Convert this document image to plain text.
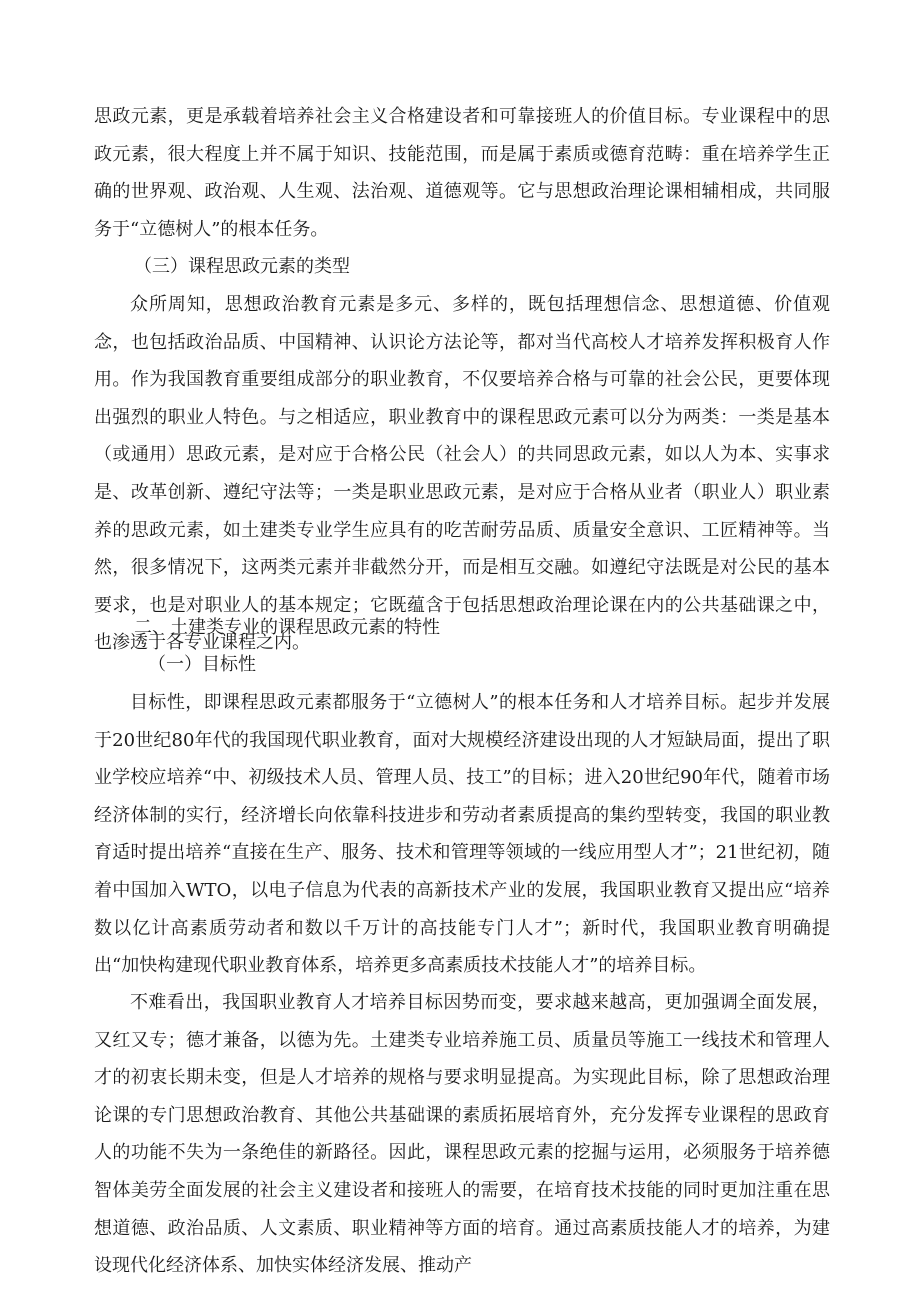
思政元素，更是承载着培养社会主义合格建设者和可靠接班人的价值目标。专业课程中的思政元素，很大程度上并不属于知识、技能范围，而是属于素质或德育范畴：重在培养学生正确的世界观、政治观、人生观、法治观、道德观等。它与思想政治理论课相辅相成，共同服务于“立德树人”的根本任务。

（三）课程思政元素的类型

众所周知，思想政治教育元素是多元、多样的，既包括理想信念、思想道德、价值观念，也包括政治品质、中国精神、认识论方法论等，都对当代高校人才培养发挥积极育人作用。作为我国教育重要组成部分的职业教育，不仅要培养合格与可靠的社会公民，更要体现出强烈的职业人特色。与之相适应，职业教育中的课程思政元素可以分为两类：一类是基本（或通用）思政元素，是对应于合格公民（社会人）的共同思政元素，如以人为本、实事求是、改革创新、遵纪守法等；一类是职业思政元素，是对应于合格从业者（职业人）职业素养的思政元素，如土建类专业学生应具有的吃苦耐劳品质、质量安全意识、工匠精神等。当然，很多情况下，这两类元素并非截然分开，而是相互交融。如遵纪守法既是对公民的基本要求，也是对职业人的基本规定；它既蕴含于包括思想政治理论课在内的公共基础课之中，也渗透于各专业课程之内。

二、土建类专业的课程思政元素的特性
（一）目标性

目标性，即课程思政元素都服务于“立德树人”的根本任务和人才培养目标。起步并发展于20世纪80年代的我国现代职业教育，面对大规模经济建设出现的人才短缺局面，提出了职业学校应培养“中、初级技术人员、管理人员、技工”的目标；进入20世纪90年代，随着市场经济体制的实行，经济增长向依靠科技进步和劳动者素质提高的集约型转变，我国的职业教育适时提出培养“直接在生产、服务、技术和管理等领域的一线应用型人才”；21世纪初，随着中国加入WTO，以电子信息为代表的高新技术产业的发展，我国职业教育又提出应“培养数以亿计高素质劳动者和数以千万计的高技能专门人才”；新时代，我国职业教育明确提出“加快构建现代职业教育体系，培养更多高素质技术技能人才”的培养目标。

不难看出，我国职业教育人才培养目标因势而变，要求越来越高，更加强调全面发展，又红又专；德才兼备，以德为先。土建类专业培养施工员、质量员等施工一线技术和管理人才的初衷长期未变，但是人才培养的规格与要求明显提高。为实现此目标，除了思想政治理论课的专门思想政治教育、其他公共基础课的素质拓展培育外，充分发挥专业课程的思政育人的功能不失为一条绝佳的新路径。因此，课程思政元素的挖掘与运用，必须服务于培养德智体美劳全面发展的社会主义建设者和接班人的需要，在培育技术技能的同时更加注重在思想道德、政治品质、人文素质、职业精神等方面的培育。通过高素质技能人才的培养，为建设现代化经济体系、加快实体经济发展、推动产
